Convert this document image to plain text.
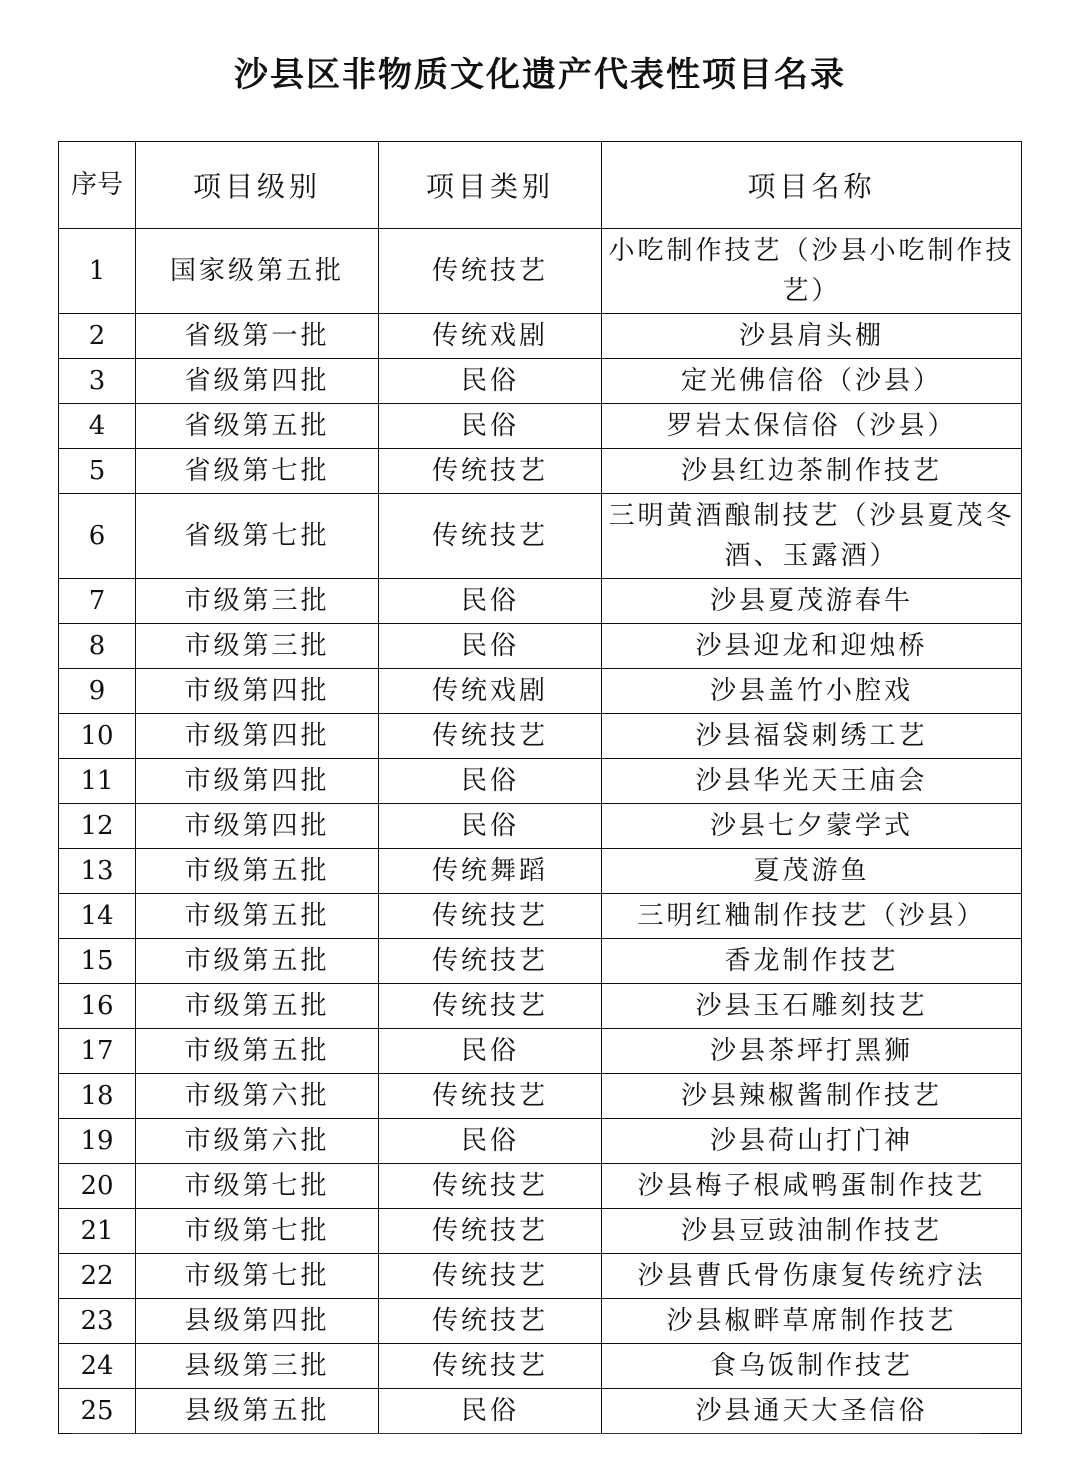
沙县区非物质文化遗产代表性项目名录
序号	项目级别	项目类别	项目名称
1	国家级第五批	传统技艺	小吃制作技艺（沙县小吃制作技艺）
2	省级第一批	传统戏剧	沙县肩头棚
3	省级第四批	民俗	定光佛信俗（沙县）
4	省级第五批	民俗	罗岩太保信俗（沙县）
5	省级第七批	传统技艺	沙县红边茶制作技艺
6	省级第七批	传统技艺	三明黄酒酿制技艺（沙县夏茂冬酒、玉露酒）
7	市级第三批	民俗	沙县夏茂游春牛
8	市级第三批	民俗	沙县迎龙和迎烛桥
9	市级第四批	传统戏剧	沙县盖竹小腔戏
10	市级第四批	传统技艺	沙县福袋刺绣工艺
11	市级第四批	民俗	沙县华光天王庙会
12	市级第四批	民俗	沙县七夕蒙学式
13	市级第五批	传统舞蹈	夏茂游鱼
14	市级第五批	传统技艺	三明红粬制作技艺（沙县）
15	市级第五批	传统技艺	香龙制作技艺
16	市级第五批	传统技艺	沙县玉石雕刻技艺
17	市级第五批	民俗	沙县茶坪打黑狮
18	市级第六批	传统技艺	沙县辣椒酱制作技艺
19	市级第六批	民俗	沙县荷山打门神
20	市级第七批	传统技艺	沙县梅子根咸鸭蛋制作技艺
21	市级第七批	传统技艺	沙县豆豉油制作技艺
22	市级第七批	传统技艺	沙县曹氏骨伤康复传统疗法
23	县级第四批	传统技艺	沙县椒畔草席制作技艺
24	县级第三批	传统技艺	食乌饭制作技艺
25	县级第五批	民俗	沙县通天大圣信俗
